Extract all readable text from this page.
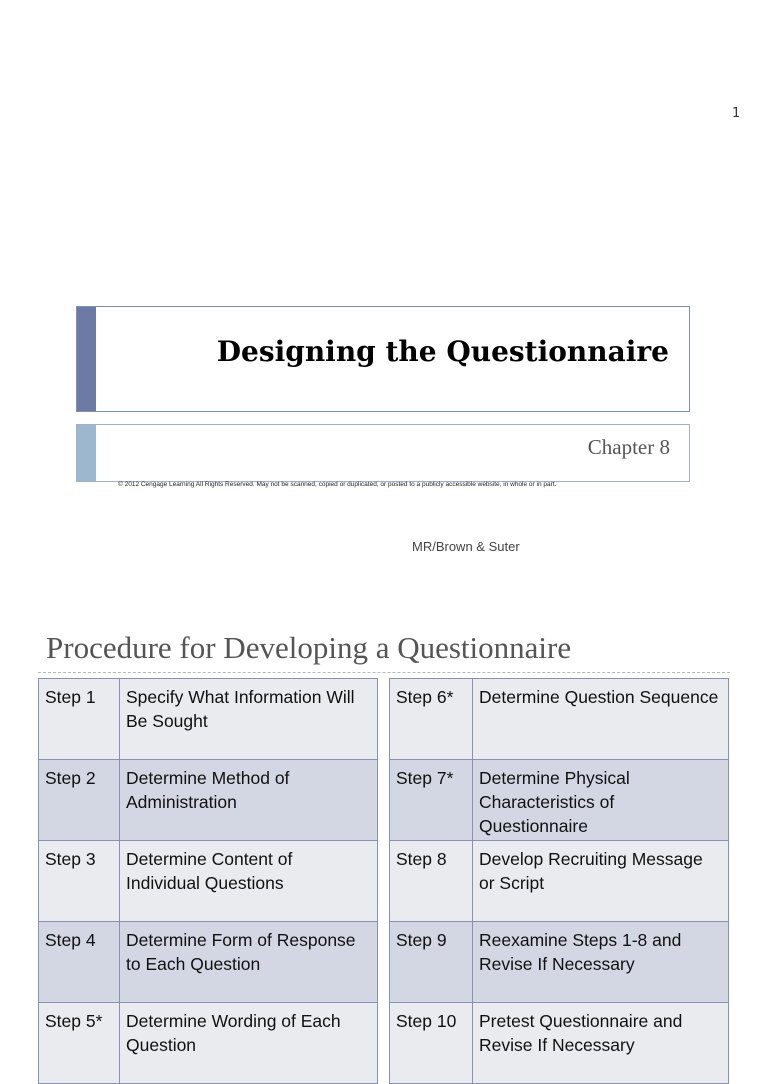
1
Designing the Questionnaire
Chapter 8
© 2012 Cengage Learning All Rights Reserved. May not be scanned, copied or duplicated, or posted to a publicly accessible website, in whole or in part.
MR/Brown & Suter
Procedure for Developing a Questionnaire
Step 1	Specify What Information Will Be Sought
Step 2	Determine Method of Administration
Step 3	Determine Content of Individual Questions
Step 4	Determine Form of Response to Each Question
Step 5*	Determine Wording of Each Question
Step 6*	Determine Question Sequence
Step 7*	Determine Physical Characteristics of Questionnaire
Step 8	Develop Recruiting Message or Script
Step 9	Reexamine Steps 1-8 and Revise If Necessary
Step 10	Pretest Questionnaire and Revise If Necessary
